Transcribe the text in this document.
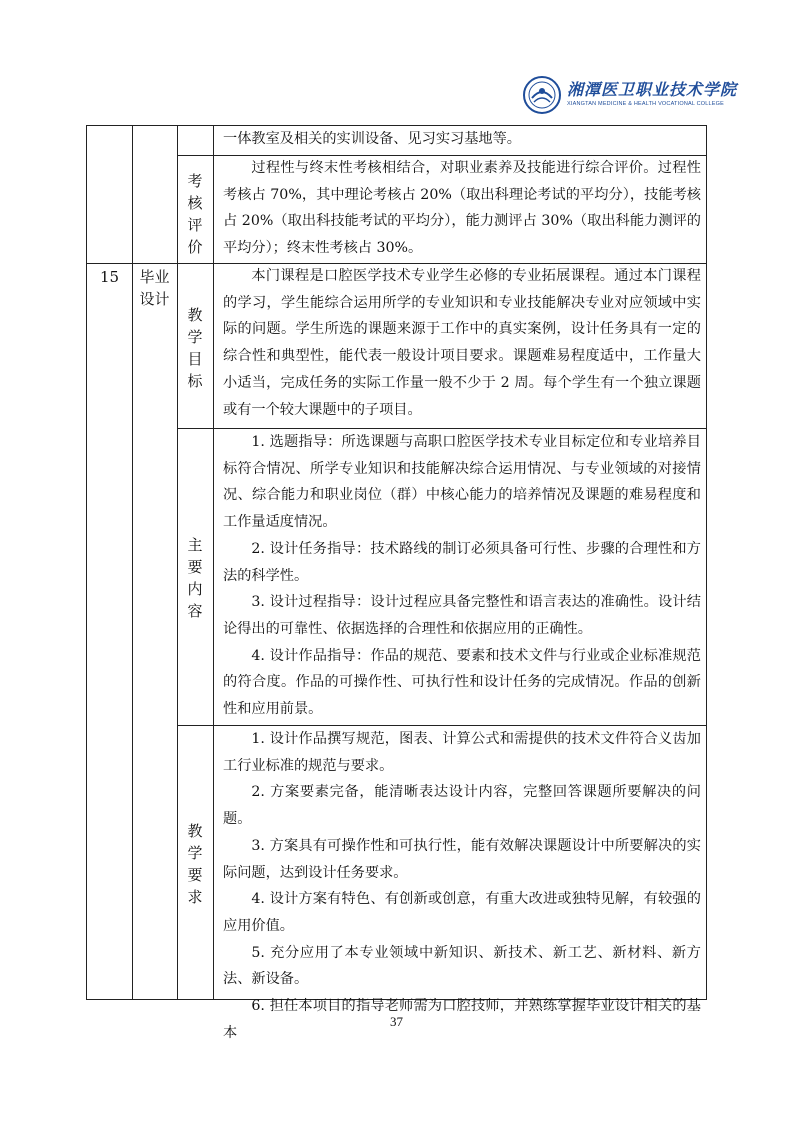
湘潭医卫职业技术学院
XIANGTAN MEDICINE & HEALTH VOCATIONAL COLLEGE

一体教室及相关的实训设备、见习实习基地等。

考
核
评
价

过程性与终末性考核相结合，对职业素养及技能进行综合评价。过程性考核占 70%，其中理论考核占 20%（取出科理论考试的平均分），技能考核占 20%（取出科技能考试的平均分），能力测评占 30%（取出科能力测评的平均分）；终末性考核占 30%。

15	毕业
设计
教
学
目
标

本门课程是口腔医学技术专业学生必修的专业拓展课程。通过本门课程的学习，学生能综合运用所学的专业知识和专业技能解决专业对应领域中实际的问题。学生所选的课题来源于工作中的真实案例，设计任务具有一定的综合性和典型性，能代表一般设计项目要求。课题难易程度适中，工作量大小适当，完成任务的实际工作量一般不少于 2 周。每个学生有一个独立课题或有一个较大课题中的子项目。

主
要
内
容

1. 选题指导：所选课题与高职口腔医学技术专业目标定位和专业培养目标符合情况、所学专业知识和技能解决综合运用情况、与专业领域的对接情况、综合能力和职业岗位（群）中核心能力的培养情况及课题的难易程度和工作量适度情况。

2. 设计任务指导：技术路线的制订必须具备可行性、步骤的合理性和方法的科学性。

3. 设计过程指导：设计过程应具备完整性和语言表达的准确性。设计结论得出的可靠性、依据选择的合理性和依据应用的正确性。

4. 设计作品指导：作品的规范、要素和技术文件与行业或企业标准规范的符合度。作品的可操作性、可执行性和设计任务的完成情况。作品的创新性和应用前景。

教
学
要
求

1. 设计作品撰写规范，图表、计算公式和需提供的技术文件符合义齿加工行业标准的规范与要求。

2. 方案要素完备，能清晰表达设计内容，完整回答课题所要解决的问题。

3. 方案具有可操作性和可执行性，能有效解决课题设计中所要解决的实际问题，达到设计任务要求。

4. 设计方案有特色、有创新或创意，有重大改进或独特见解，有较强的应用价值。

5. 充分应用了本专业领域中新知识、新技术、新工艺、新材料、新方法、新设备。

6. 担任本项目的指导老师需为口腔技师，并熟练掌握毕业设计相关的基本

37
